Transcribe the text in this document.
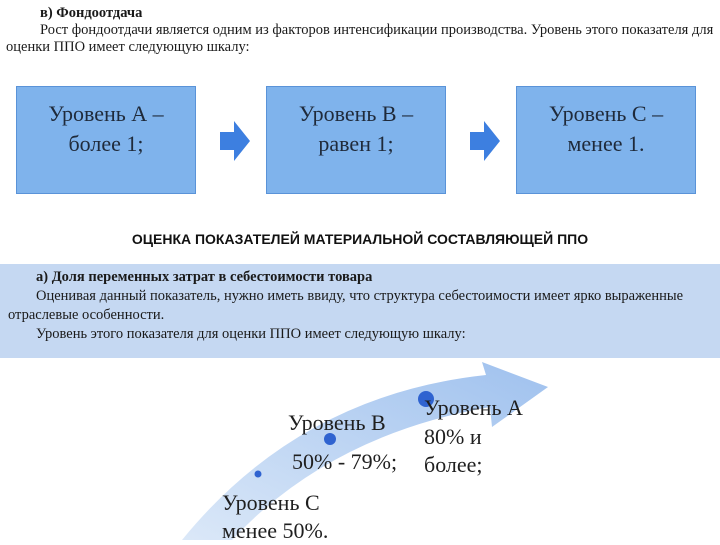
в) Фондоотдача
Рост фондоотдачи является одним из факторов интенсификации производства. Уровень этого показателя для оценки ППО имеет следующую шкалу:
Уровень А – более 1;
Уровень В – равен 1;
Уровень С – менее 1.
ОЦЕНКА ПОКАЗАТЕЛЕЙ МАТЕРИАЛЬНОЙ СОСТАВЛЯЮЩЕЙ ППО
а) Доля переменных затрат в себестоимости товара
Оценивая данный показатель, нужно иметь ввиду, что структура себестоимости имеет ярко выраженные отраслевые особенности.
Уровень этого показателя для оценки ППО имеет следующую шкалу:
Уровень В
50% - 79%;
Уровень А
80% и
более;
Уровень С
менее 50%.
